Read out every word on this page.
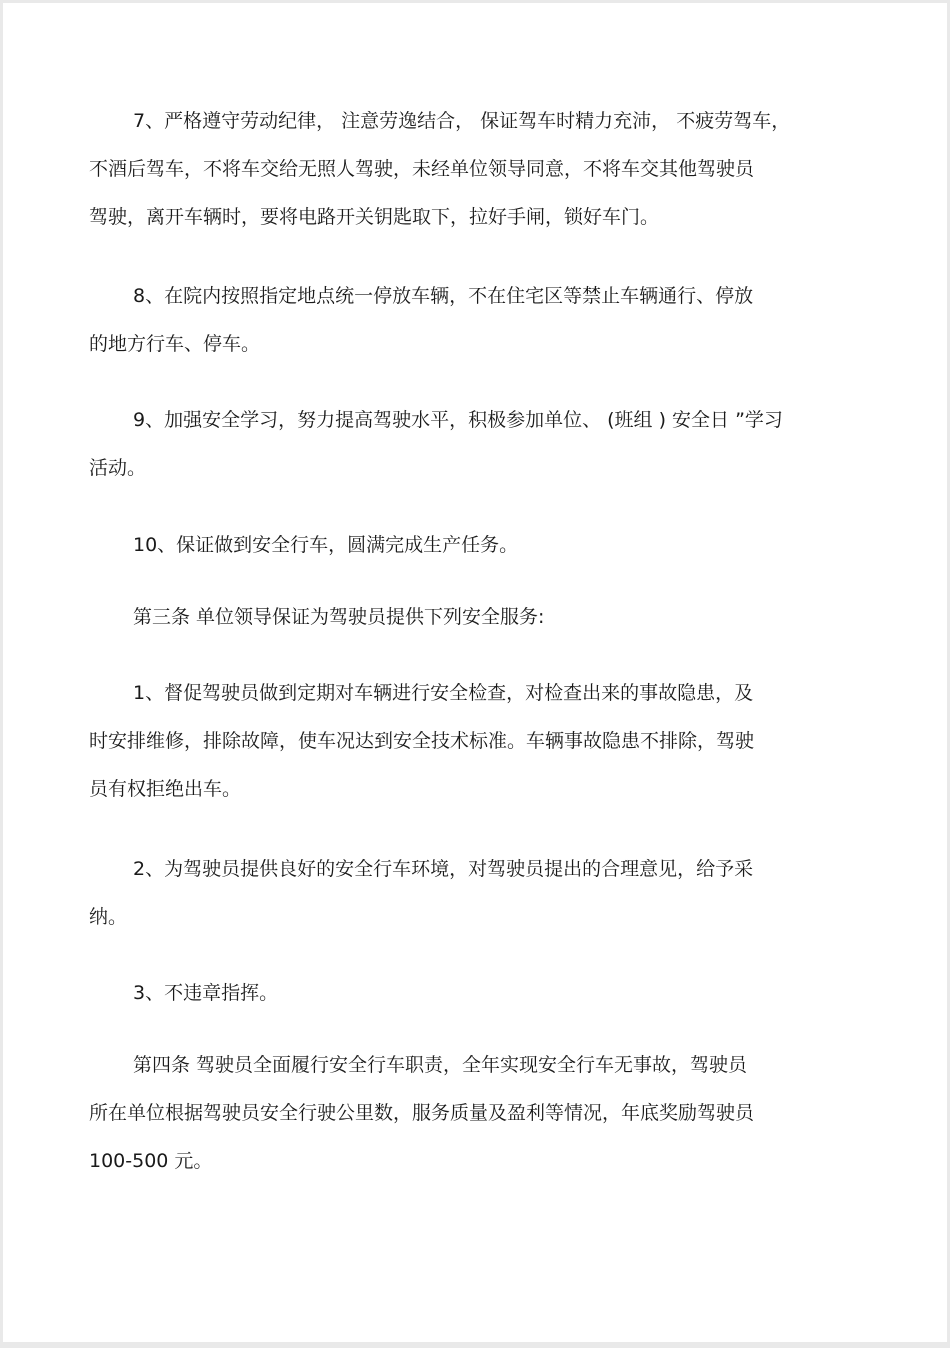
7、严格遵守劳动纪律， 注意劳逸结合， 保证驾车时精力充沛， 不疲劳驾车，
不酒后驾车，不将车交给无照人驾驶，未经单位领导同意，不将车交其他驾驶员
驾驶，离开车辆时，要将电路开关钥匙取下，拉好手闸，锁好车门。
8、在院内按照指定地点统一停放车辆，不在住宅区等禁止车辆通行、停放
的地方行车、停车。
9、加强安全学习，努力提高驾驶水平，积极参加单位、 (班组 ) 安全日 ”学习
活动。
10、保证做到安全行车，圆满完成生产任务。
第三条 单位领导保证为驾驶员提供下列安全服务:
1、督促驾驶员做到定期对车辆进行安全检查，对检查出来的事故隐患，及
时安排维修，排除故障，使车况达到安全技术标准。车辆事故隐患不排除，驾驶
员有权拒绝出车。
2、为驾驶员提供良好的安全行车环境，对驾驶员提出的合理意见，给予采
纳。
3、不违章指挥。
第四条 驾驶员全面履行安全行车职责，全年实现安全行车无事故，驾驶员
所在单位根据驾驶员安全行驶公里数，服务质量及盈利等情况，年底奖励驾驶员
100-500 元。
